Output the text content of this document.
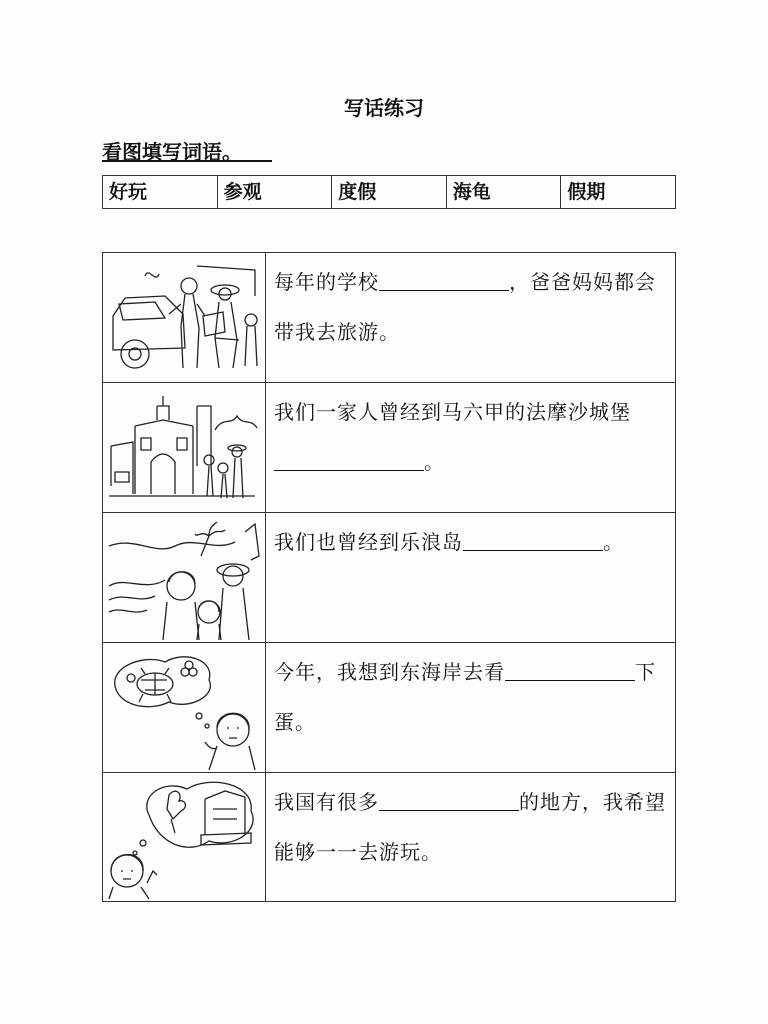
写话练习
看图填写词语。
好玩	参观	度假	海龟	假期
每年的学校	，爸爸妈妈都会带我去旅游。
我们一家人曾经到马六甲的法摩沙城堡。
我们也曾经到乐浪岛	。
今年，我想到东海岸去看	下蛋。
我国有很多	的地方，我希望能够一一去游玩。
